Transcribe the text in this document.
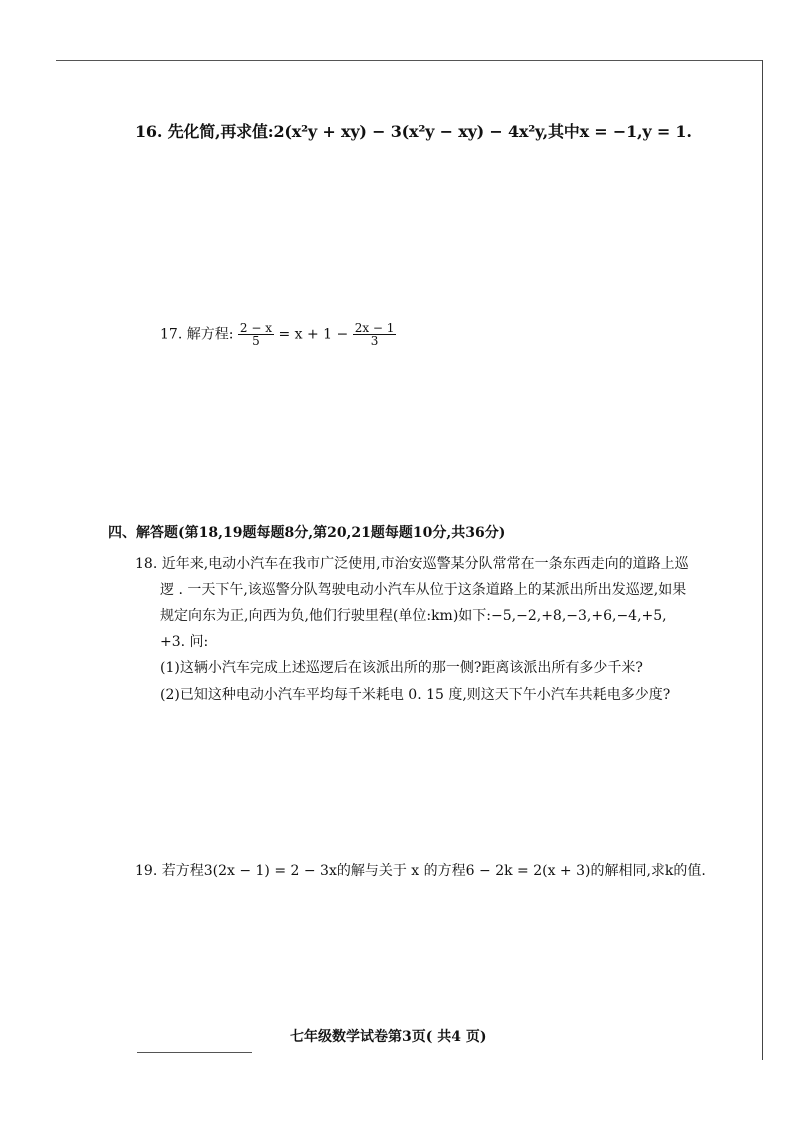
16. 先化简,再求值:2(x²y + xy) − 3(x²y − xy) − 4x²y,其中x = −1,y = 1.
17. 解方程: $\frac{2 - x}{5} = x + 1 - \frac{2x - 1}{3}$
四、解答题(第18,19题每题8分,第20,21题每题10分,共36分)
18. 近年来,电动小汽车在我市广泛使用,市治安巡警某分队常常在一条东西走向的道路上巡
逻 . 一天下午,该巡警分队驾驶电动小汽车从位于这条道路上的某派出所出发巡逻,如果
规定向东为正,向西为负,他们行驶里程(单位:km)如下:−5,−2,+8,−3,+6,−4,+5,
+3. 问:
(1)这辆小汽车完成上述巡逻后在该派出所的那一侧?距离该派出所有多少千米?
(2)已知这种电动小汽车平均每千米耗电 0. 15 度,则这天下午小汽车共耗电多少度?
19. 若方程3(2x − 1) = 2 − 3x的解与关于 x 的方程6 − 2k = 2(x + 3)的解相同,求k的值.
七年级数学试卷第3页( 共4 页)
